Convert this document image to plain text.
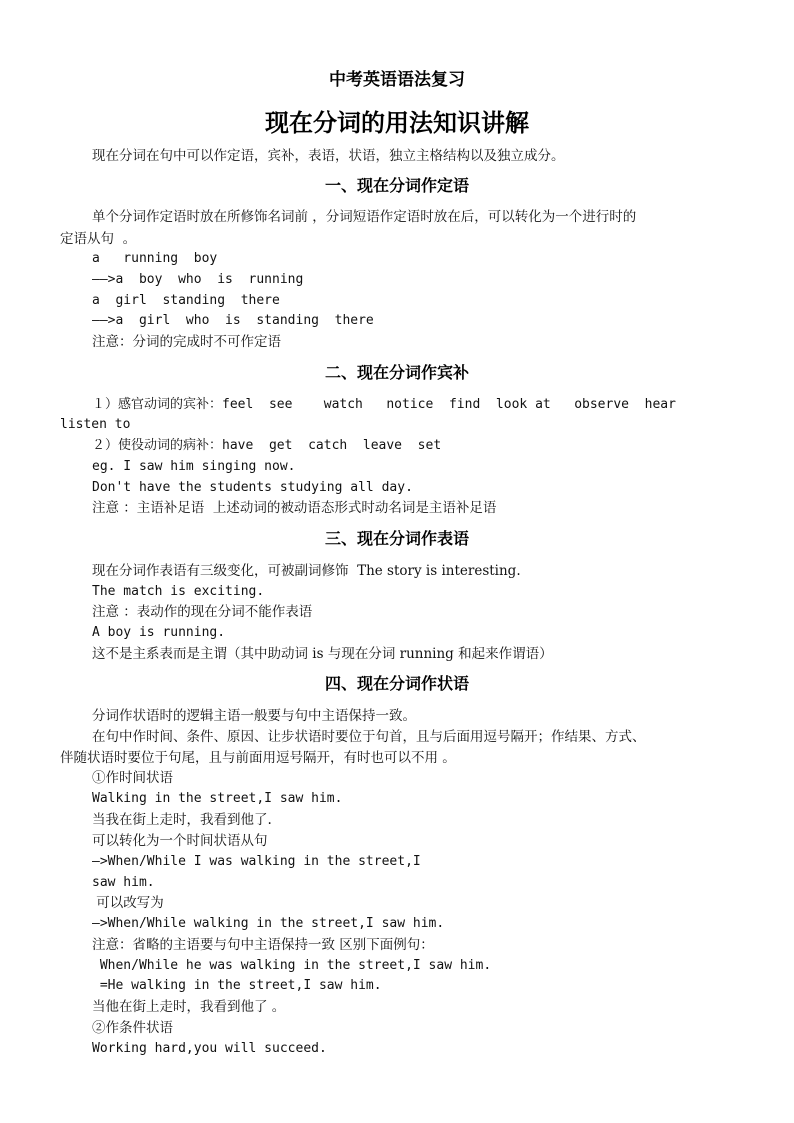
中考英语语法复习
现在分词的用法知识讲解
现在分词在句中可以作定语，宾补，表语，状语，独立主格结构以及独立成分。
一、现在分词作定语
单个分词作定语时放在所修饰名词前 ，分词短语作定语时放在后，可以转化为一个进行时的
定语从句  。
a   running  boy
——>a  boy  who  is  running
a  girl  standing  there
——>a  girl  who  is  standing  there
注意：分词的完成时不可作定语
二、现在分词作宾补
１）感官动词的宾补：feel  see    watch   notice  find  look at   observe  hear
listen to
２）使役动词的病补：have  get  catch  leave  set
eg. I saw him singing now.
Don't have the students studying all day.
注意 ：主语补足语  上述动词的被动语态形式时动名词是主语补足语
三、现在分词作表语
现在分词作表语有三级变化，可被副词修饰  The story is interesting.
The match is exciting.
注意 ：表动作的现在分词不能作表语
A boy is running.
这不是主系表而是主谓（其中助动词 is 与现在分词 running 和起来作谓语）
四、现在分词作状语
分词作状语时的逻辑主语一般要与句中主语保持一致。
在句中作时间、条件、原因、让步状语时要位于句首，且与后面用逗号隔开；作结果、方式、
伴随状语时要位于句尾，且与前面用逗号隔开，有时也可以不用 。
①作时间状语
Walking in the street,I saw him.
当我在街上走时，我看到他了.
可以转化为一个时间状语从句
—>When/While I was walking in the street,I
saw him.
可以改写为
—>When/While walking in the street,I saw him.
注意：省略的主语要与句中主语保持一致 区别下面例句：
When/While he was walking in the street,I saw him.
=He walking in the street,I saw him.
当他在街上走时，我看到他了 。
②作条件状语
Working hard,you will succeed.
